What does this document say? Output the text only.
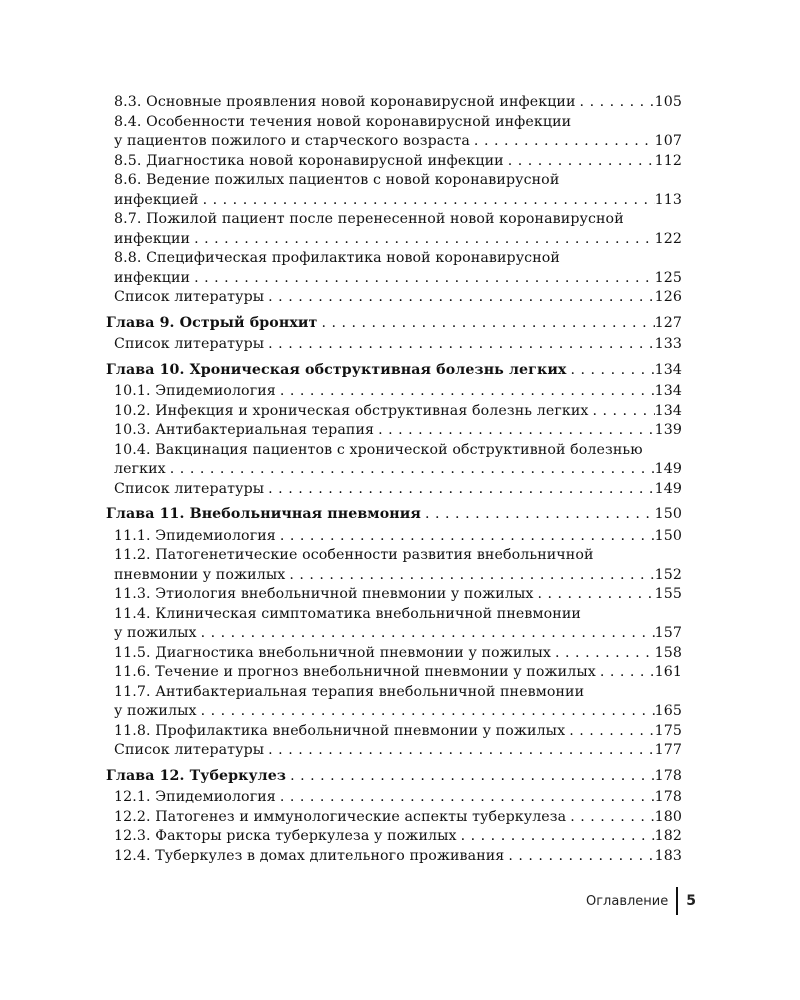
8.3. Основные проявления новой коронавирусной инфекции . . .	105
8.4. Особенности течения новой коронавирусной инфекции
у пациентов пожилого и старческого возраста . . .	107
8.5. Диагностика новой коронавирусной инфекции . . .	112
8.6. Ведение пожилых пациентов с новой коронавирусной
инфекцией . . .	113
8.7. Пожилой пациент после перенесенной новой коронавирусной
инфекции . . .	122
8.8. Специфическая профилактика новой коронавирусной
инфекции . . .	125
Список литературы . . .	126
Глава 9. Острый бронхит . . .	127
Список литературы . . .	133
Глава 10. Хроническая обструктивная болезнь легких . . .	134
10.1. Эпидемиология . . .	134
10.2. Инфекция и хроническая обструктивная болезнь легких . . .	134
10.3. Антибактериальная терапия . . .	139
10.4. Вакцинация пациентов с хронической обструктивной болезнью
легких . . .	149
Список литературы . . .	149
Глава 11. Внебольничная пневмония . . .	150
11.1. Эпидемиология . . .	150
11.2. Патогенетические особенности развития внебольничной
пневмонии у пожилых . . .	152
11.3. Этиология внебольничной пневмонии у пожилых . . .	155
11.4. Клиническая симптоматика внебольничной пневмонии
у пожилых . . .	157
11.5. Диагностика внебольничной пневмонии у пожилых . . .	158
11.6. Течение и прогноз внебольничной пневмонии у пожилых . . .	161
11.7. Антибактериальная терапия внебольничной пневмонии
у пожилых . . .	165
11.8. Профилактика внебольничной пневмонии у пожилых . . .	175
Список литературы . . .	177
Глава 12. Туберкулез . . .	178
12.1. Эпидемиология . . .	178
12.2. Патогенез и иммунологические аспекты туберкулеза . . .	180
12.3. Факторы риска туберкулеза у пожилых . . .	182
12.4. Туберкулез в домах длительного проживания . . .	183
Оглавление 5
